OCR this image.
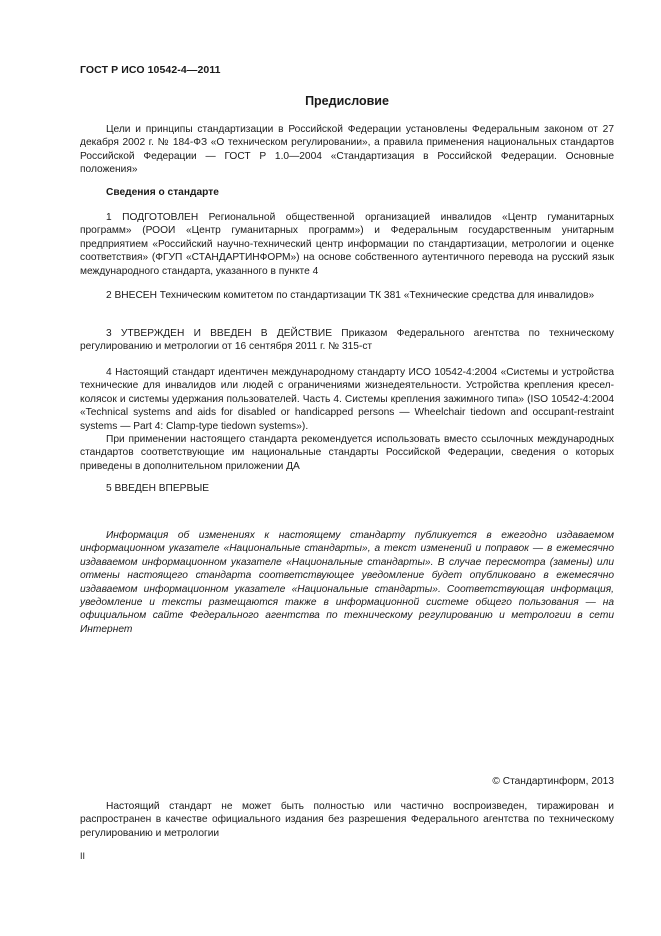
ГОСТ Р ИСО 10542-4—2011
Предисловие

Цели и принципы стандартизации в Российской Федерации установлены Федеральным законом от 27 декабря 2002 г. № 184-ФЗ «О техническом регулировании», а правила применения национальных стандартов Российской Федерации — ГОСТ Р 1.0—2004 «Стандартизация в Российской Федерации. Основные положения»

Сведения о стандарте

1 ПОДГОТОВЛЕН Региональной общественной организацией инвалидов «Центр гуманитарных программ» (РООИ «Центр гуманитарных программ») и Федеральным государственным унитарным предприятием «Российский научно-технический центр информации по стандартизации, метрологии и оценке соответствия» (ФГУП «СТАНДАРТИНФОРМ») на основе собственного аутентичного перевода на русский язык международного стандарта, указанного в пункте 4

2 ВНЕСЕН Техническим комитетом по стандартизации ТК 381 «Технические средства для инвалидов»

3 УТВЕРЖДЕН И ВВЕДЕН В ДЕЙСТВИЕ Приказом Федерального агентства по техническому регулированию и метрологии от 16 сентября 2011 г. № 315-ст

4 Настоящий стандарт идентичен международному стандарту ИСО 10542-4:2004 «Системы и устройства технические для инвалидов или людей с ограничениями жизнедеятельности. Устройства крепления кресел-колясок и системы удержания пользователей. Часть 4. Системы крепления зажимного типа» (ISO 10542-4:2004 «Technical systems and aids for disabled or handicapped persons — Wheelchair tiedown and occupant-restraint systems — Part 4: Clamp-type tiedown systems»).

При применении настоящего стандарта рекомендуется использовать вместо ссылочных международных стандартов соответствующие им национальные стандарты Российской Федерации, сведения о которых приведены в дополнительном приложении ДА

5 ВВЕДЕН ВПЕРВЫЕ

Информация об изменениях к настоящему стандарту публикуется в ежегодно издаваемом информационном указателе «Национальные стандарты», а текст изменений и поправок — в ежемесячно издаваемом информационном указателе «Национальные стандарты». В случае пересмотра (замены) или отмены настоящего стандарта соответствующее уведомление будет опубликовано в ежемесячно издаваемом информационном указателе «Национальные стандарты». Соответствующая информация, уведомление и тексты размещаются также в информационной системе общего пользования — на официальном сайте Федерального агентства по техническому регулированию и метрологии в сети Интернет

© Стандартинформ, 2013

Настоящий стандарт не может быть полностью или частично воспроизведен, тиражирован и распространен в качестве официального издания без разрешения Федерального агентства по техническому регулированию и метрологии

II
